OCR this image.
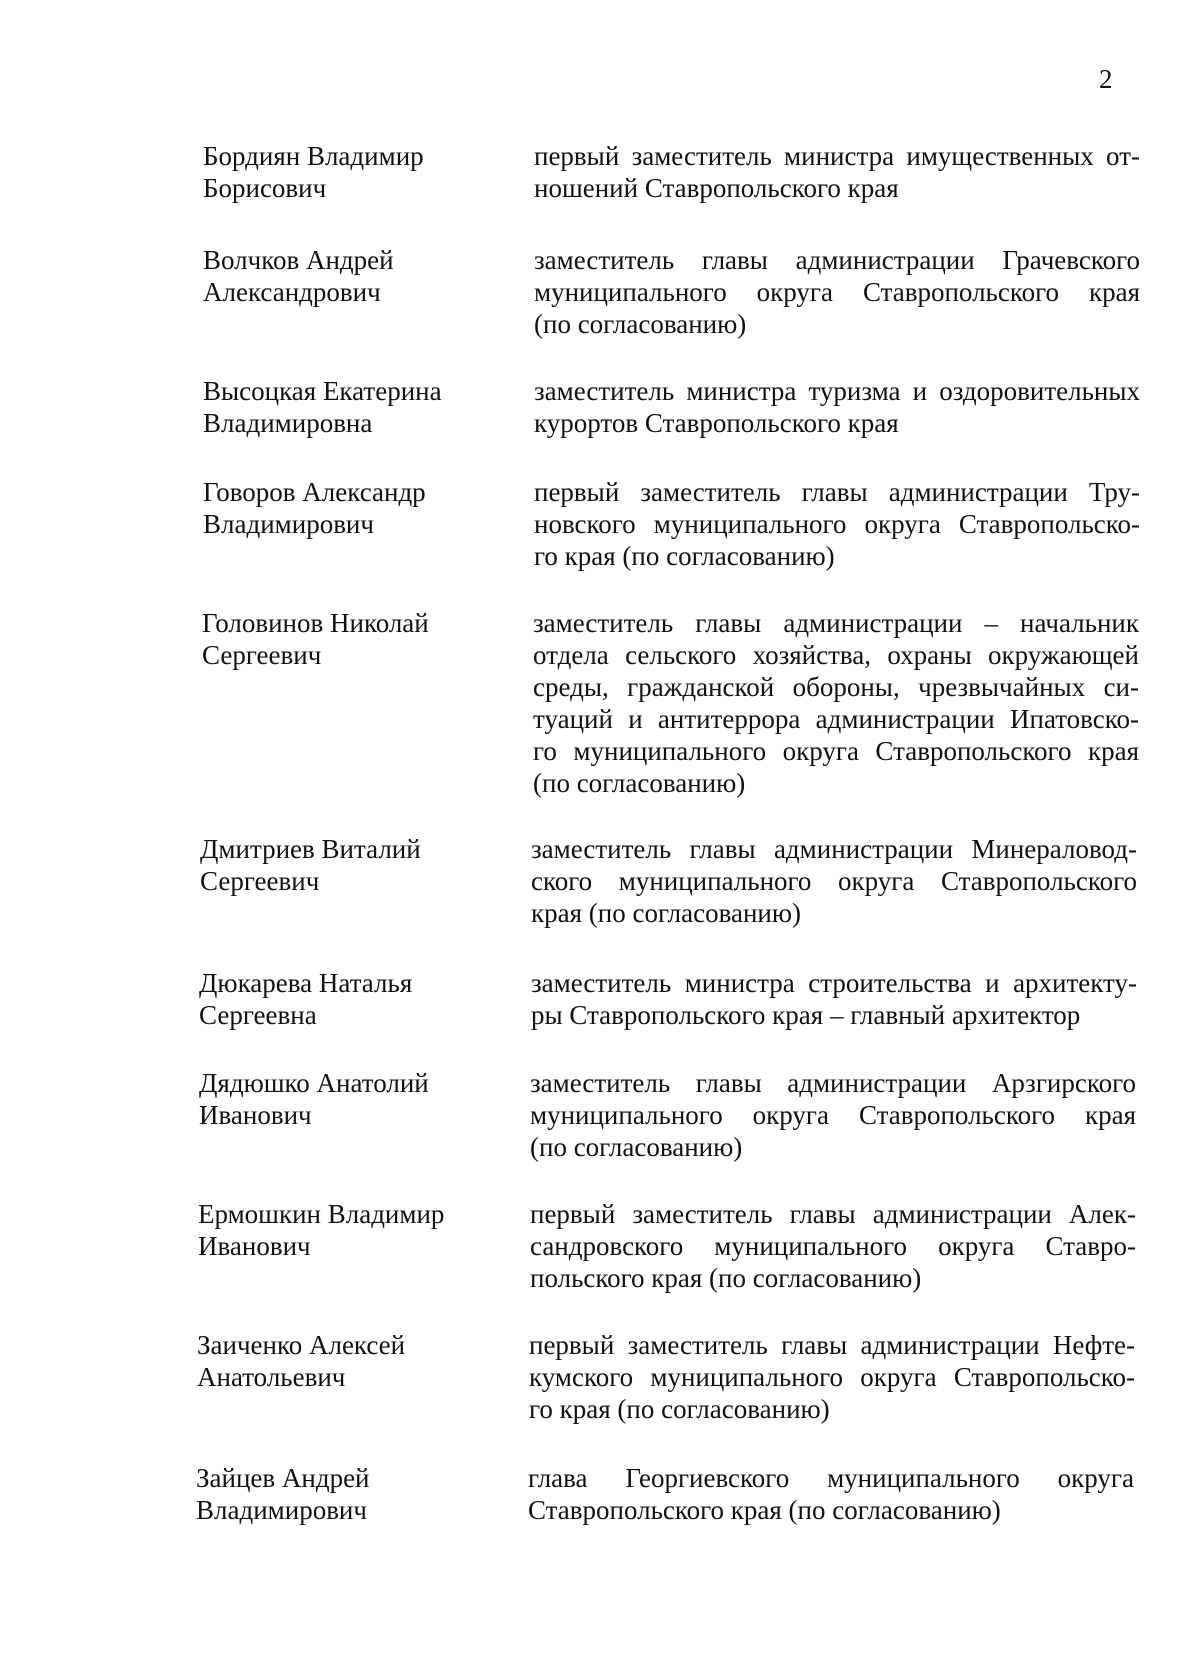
2
Бордиян Владимир
Борисович
первый заместитель министра имущественных от-
ношений Ставропольского края
Волчков Андрей
Александрович
заместитель главы администрации Грачевского
муниципального округа Ставропольского края
(по согласованию)
Высоцкая Екатерина
Владимировна
заместитель министра туризма и оздоровительных
курортов Ставропольского края
Говоров Александр
Владимирович
первый заместитель главы администрации Тру-
новского муниципального округа Ставропольско-
го края (по согласованию)
Головинов Николай
Сергеевич
заместитель главы администрации – начальник
отдела сельского хозяйства, охраны окружающей
среды, гражданской обороны, чрезвычайных си-
туаций и антитеррора администрации Ипатовско-
го муниципального округа Ставропольского края
(по согласованию)
Дмитриев Виталий
Сергеевич
заместитель главы администрации Минераловод-
ского муниципального округа Ставропольского
края (по согласованию)
Дюкарева Наталья
Сергеевна
заместитель министра строительства и архитекту-
ры Ставропольского края – главный архитектор
Дядюшко Анатолий
Иванович
заместитель главы администрации Арзгирского
муниципального округа Ставропольского края
(по согласованию)
Ермошкин Владимир
Иванович
первый заместитель главы администрации Алек-
сандровского муниципального округа Ставро-
польского края (по согласованию)
Заиченко Алексей
Анатольевич
первый заместитель главы администрации Нефте-
кумского муниципального округа Ставропольско-
го края (по согласованию)
Зайцев Андрей
Владимирович
глава Георгиевского муниципального округа
Ставропольского края (по согласованию)
